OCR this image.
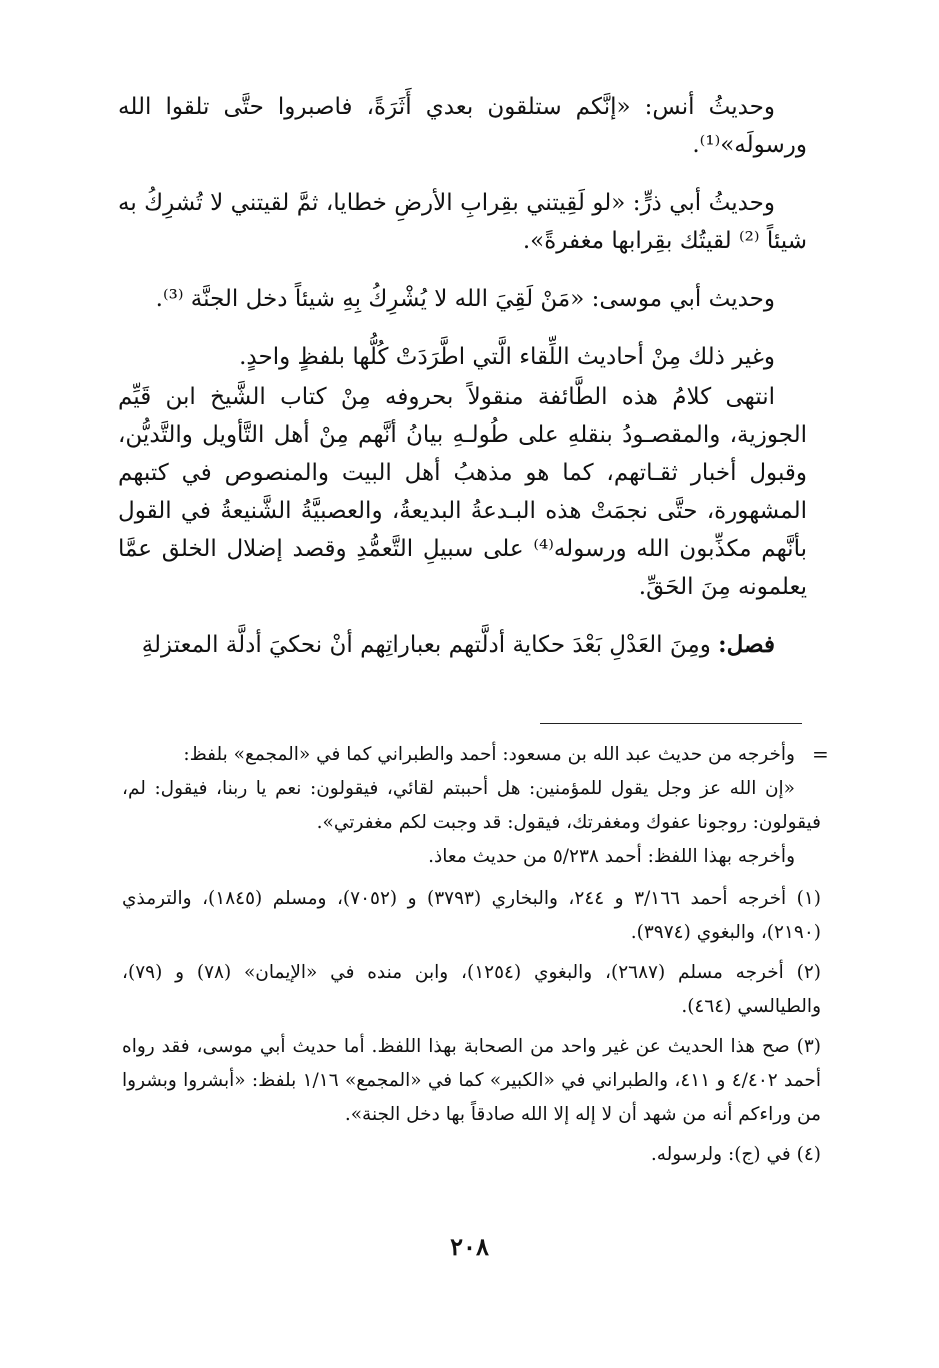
وحديثُ أنس: «إنَّكم ستلقون بعدي أَثَرَةً، فاصبروا حتَّى تلقوا الله ورسولَه»⁽¹⁾.

وحديثُ أبي ذرٍّ: «لو لَقِيتني بقِرابِ الأرضِ خطايا، ثمَّ لقيتني لا تُشرِكُ به شيئاً ⁽²⁾ لقيتُك بقِرابها مغفرةً».

وحديث أبي موسى: «مَنْ لَقِيَ الله لا يُشْرِكُ بِهِ شيئاً دخل الجنَّة ⁽³⁾.

وغير ذلك مِنْ أحاديث اللِّقاء الَّتي اطَّرَدَتْ كُلُّها بلفظٍ واحدٍ.

انتهى كلامُ هذه الطَّائفة منقولاً بحروفه مِنْ كتاب الشَّيخ ابن قَيِّم الجوزية، والمقصـودُ بنقلهِ على طُولـهِ بيانُ أنَّهم مِنْ أهل التَّأويل والتَّديُّن، وقبول أخبار ثقـاتهم، كما هو مذهبُ أهل البيت والمنصوص في كتبهم المشهورة، حتَّى نجمَتْ هذه البـدعةُ البديعةُ، والعصبيَّةُ الشَّنيعةُ في القول بأنَّهم مكذِّبون الله ورسوله⁽⁴⁾ على سبيلِ التَّعمُّدِ وقصد إضلال الخلق عمَّا يعلمونه مِنَ الحَقِّ.

فصل: ومِنَ العَدْلِ بَعْدَ حكاية أدلَّتهم بعباراتِهم أنْ نحكيَ أدلَّة المعتزلةِ

=

وأخرجه من حديث عبد الله بن مسعود: أحمد والطبراني كما في «المجمع» بلفظ:

«إن الله عز وجل يقول للمؤمنين: هل أحببتم لقائي، فيقولون: نعم يا ربنا، فيقول: لم، فيقولون: روجونا عفوك ومغفرتك، فيقول: قد وجبت لكم مغفرتي».

وأخرجه بهذا اللفظ: أحمد ٥/٢٣٨ من حديث معاذ.

(١) أخرجه أحمد ٣/١٦٦ و ٢٤٤، والبخاري (٣٧٩٣) و (٧٠٥٢)، ومسلم (١٨٤٥)، والترمذي (٢١٩٠)، والبغوي (٣٩٧٤).

(٢) أخرجه مسلم (٢٦٨٧)، والبغوي (١٢٥٤)، وابن منده في «الإيمان» (٧٨) و (٧٩)، والطيالسي (٤٦٤).

(٣) صح هذا الحديث عن غير واحد من الصحابة بهذا اللفظ. أما حديث أبي موسى، فقد رواه أحمد ٤/٤٠٢ و ٤١١، والطبراني في «الكبير» كما في «المجمع» ١/١٦ بلفظ: «أبشروا وبشروا من وراءكم أنه من شهد أن لا إله إلا الله صادقاً بها دخل الجنة».

(٤) في (ج): ولرسوله.

٢٠٨
